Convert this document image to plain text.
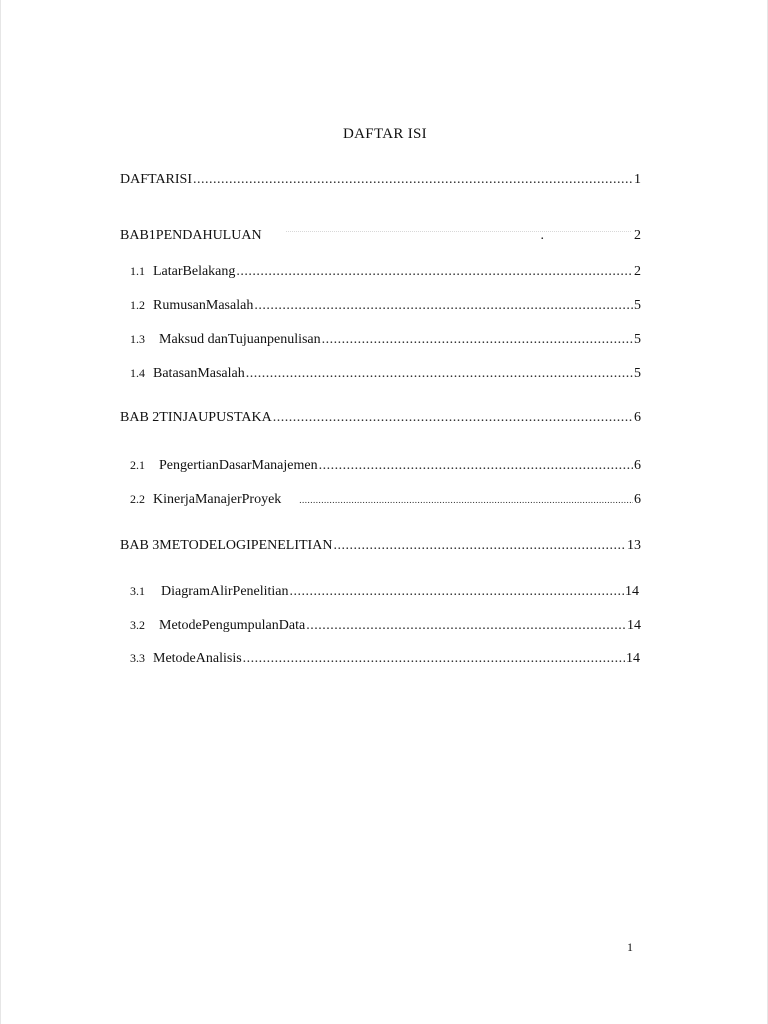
DAFTAR ISI
DAFTARISI .....	1
BAB1PENDAHULUAN	.	2
1.1 LatarBelakang .....	2
1.2 RumusanMasalah .....	5
1.3 Maksud danTujuanpenulisan .....	5
1.4 BatasanMasalah .....	5
BAB 2TINJAUPUSTAKA .....	6
2.1 PengertianDasarManajemen .....	6
2.2 KinerjaManajerProyek .....	6
BAB 3METODELOGIPENELITIAN .....	13
3.1 DiagramAlirPenelitian .....	14
3.2 MetodePengumpulanData .....	14
3.3 MetodeAnalisis .....	14
1
